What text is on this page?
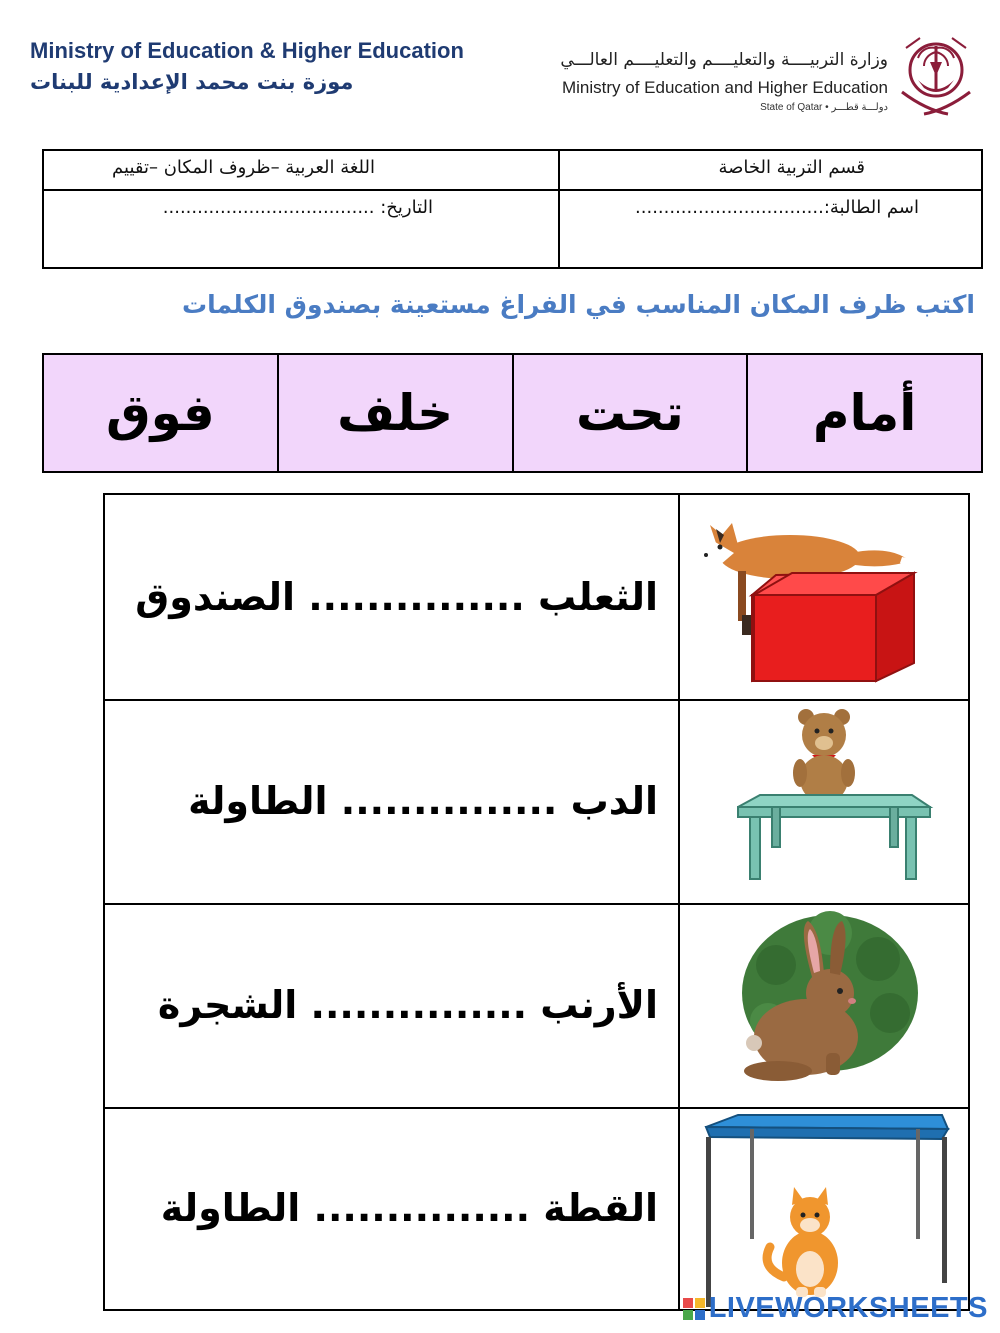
Ministry of Education & Higher Education
موزة بنت محمد الإعدادية للبنات
وزارة التربيــــة والتعليــــم والتعليــــم العالـــي
Ministry of Education and Higher Education
State of Qatar • دولـــة قطـــر
قسم التربية الخاصة
اللغة العربية –ظروف المكان –تقييم
اسم الطالبة:.................................
التاريخ: .....................................
اكتب ظرف المكان المناسب في الفراغ مستعينة بصندوق الكلمات
أمام
تحت
خلف
فوق
الثعلب ............... الصندوق
الدب ............... الطاولة
الأرنب ............... الشجرة
القطة ............... الطاولة
LIVEWORKSHEETS
